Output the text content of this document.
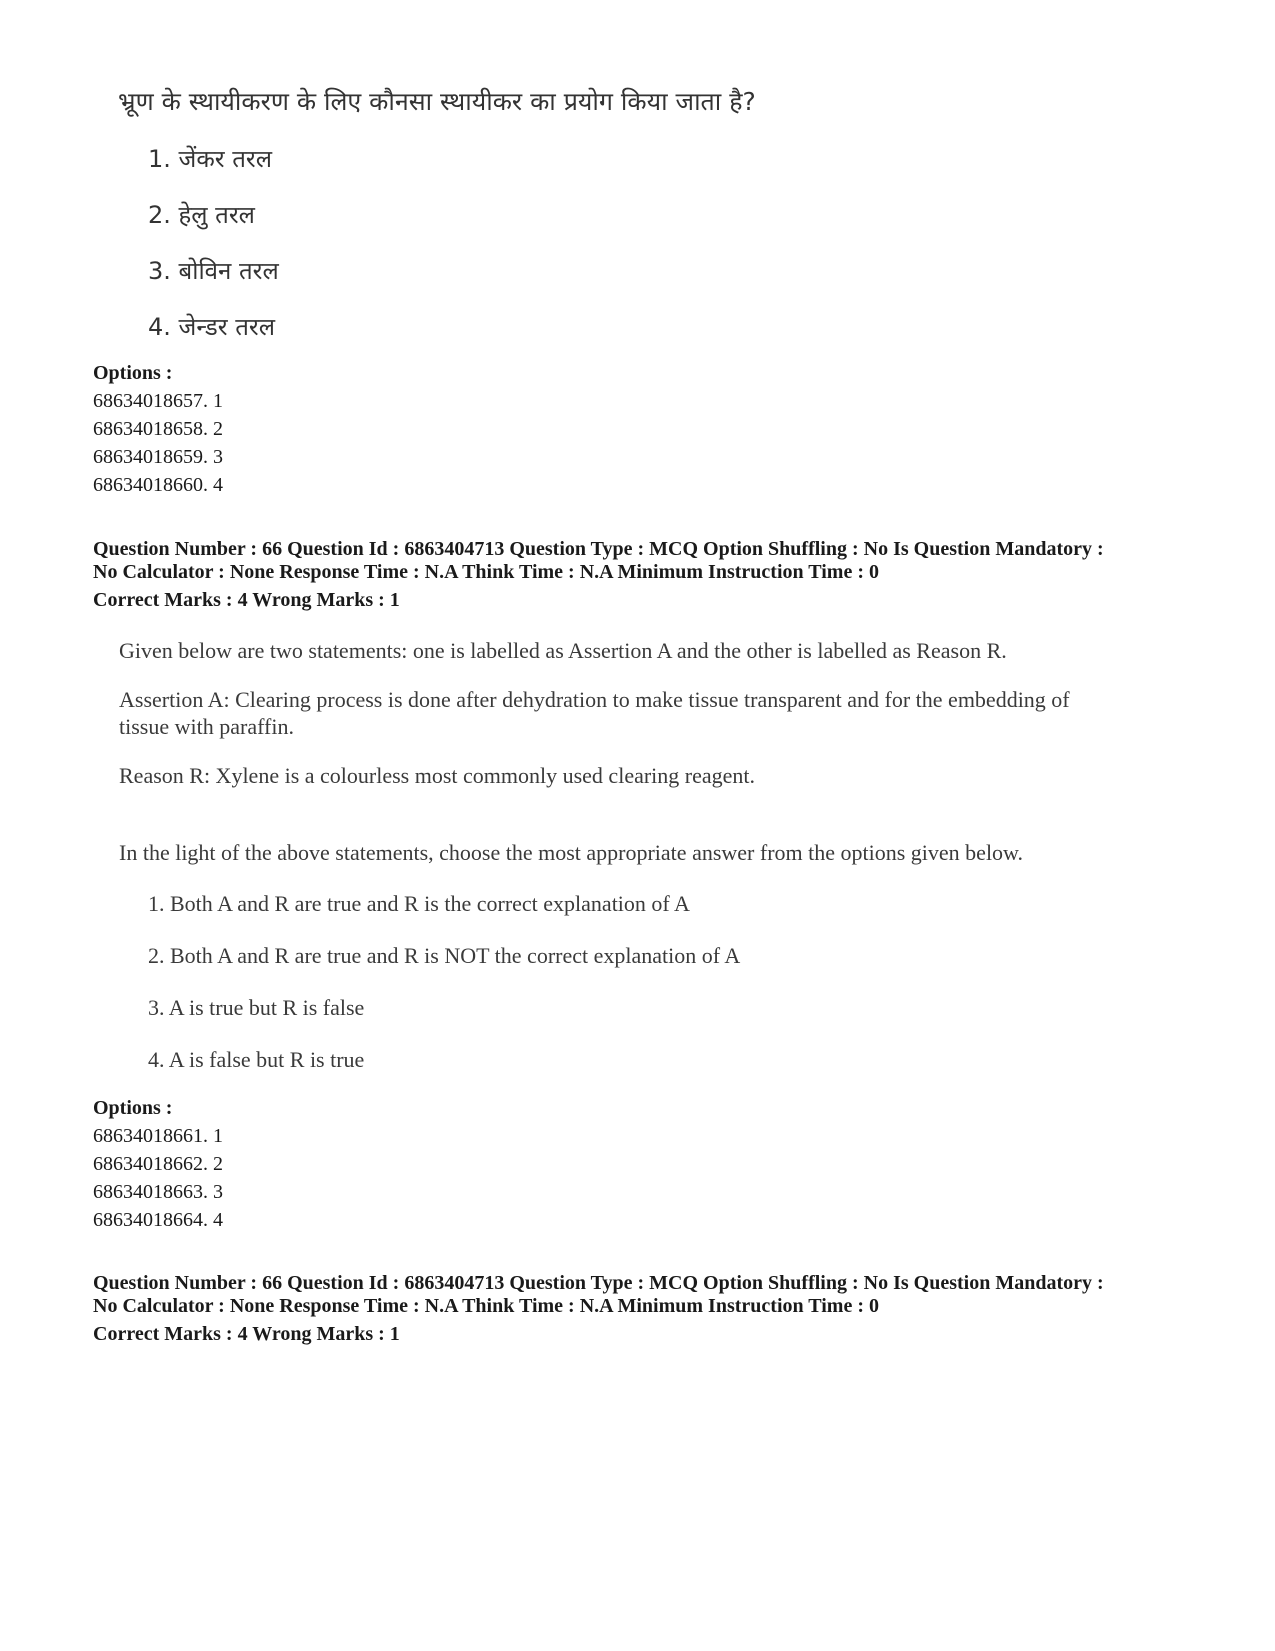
भ्रूण के स्थायीकरण के लिए कौनसा स्थायीकर का प्रयोग किया जाता है?
1. जेंकर तरल
2. हेलु तरल
3. बोविन तरल
4. जेन्डर तरल
Options :
68634018657. 1
68634018658. 2
68634018659. 3
68634018660. 4
Question Number : 66 Question Id : 6863404713 Question Type : MCQ Option Shuffling : No Is Question Mandatory :
No Calculator : None Response Time : N.A Think Time : N.A Minimum Instruction Time : 0
Correct Marks : 4 Wrong Marks : 1
Given below are two statements: one is labelled as Assertion A and the other is labelled as Reason R.
Assertion A: Clearing process is done after dehydration to make tissue transparent and for the embedding of
tissue with paraffin.
Reason R: Xylene is a colourless most commonly used clearing reagent.
In the light of the above statements, choose the most appropriate answer from the options given below.
1. Both A and R are true and R is the correct explanation of A
2. Both A and R are true and R is NOT the correct explanation of A
3. A is true but R is false
4. A is false but R is true
Options :
68634018661. 1
68634018662. 2
68634018663. 3
68634018664. 4
Question Number : 66 Question Id : 6863404713 Question Type : MCQ Option Shuffling : No Is Question Mandatory :
No Calculator : None Response Time : N.A Think Time : N.A Minimum Instruction Time : 0
Correct Marks : 4 Wrong Marks : 1
